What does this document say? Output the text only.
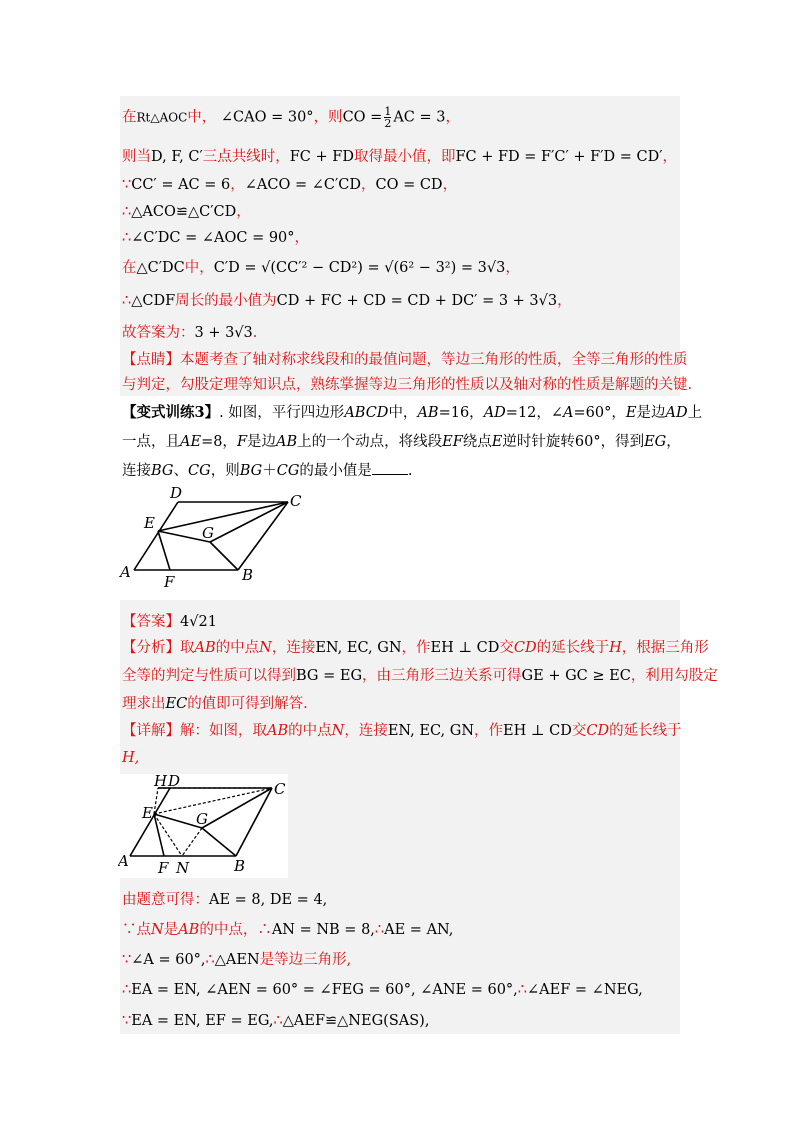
在Rt△AOC中， ∠CAO = 30°，则CO = $\frac{1}{2}$ AC = 3，
则当D, F, C′三点共线时，FC + FD取得最小值，即FC + FD = F′C′ + F′D = CD′，
∵CC′ = AC = 6，∠ACO = ∠C′CD，CO = CD，
∴△ACO≌△C′CD，
∴∠C′DC = ∠AOC = 90°，
在△C′DC中，C′D = √(CC′² − CD²) = √(6² − 3²) = 3√3，
∴△CDF周长的最小值为CD + FC + CD = CD + DC′ = 3 + 3√3，
故答案为：3 + 3√3.
【点睛】本题考查了轴对称求线段和的最值问题，等边三角形的性质，全等三角形的性质
与判定，勾股定理等知识点，熟练掌握等边三角形的性质以及轴对称的性质是解题的关键.
【变式训练3】. 如图，平行四边形ABCD中，AB=16，AD=12，∠A=60°，E是边AD上
一点，且AE=8，F是边AB上的一个动点，将线段EF绕点E逆时针旋转60°，得到EG，
连接BG、CG，则BG＋CG的最小值是 .
A	B
C
D
E
F
G
【答案】4√21
【分析】取AB的中点N，连接EN, EC, GN，作EH ⊥ CD交CD的延长线于H，根据三角形
全等的判定与性质可以得到BG = EG，由三角形三边关系可得GE + GC ≥ EC，利用勾股定
理求出EC的值即可得到解答.
【详解】解：如图，取AB的中点N，连接EN, EC, GN，作EH ⊥ CD交CD的延长线于
H,
A	B
C
D
E
F
G
H
N
由题意可得：AE = 8, DE = 4,
∵点N是AB的中点，∴AN = NB = 8,∴AE = AN,
∵∠A = 60°,∴△AEN是等边三角形,
∴EA = EN, ∠AEN = 60° = ∠FEG = 60°, ∠ANE = 60°,∴∠AEF = ∠NEG,
∵EA = EN, EF = EG,∴△AEF≌△NEG(SAS),
